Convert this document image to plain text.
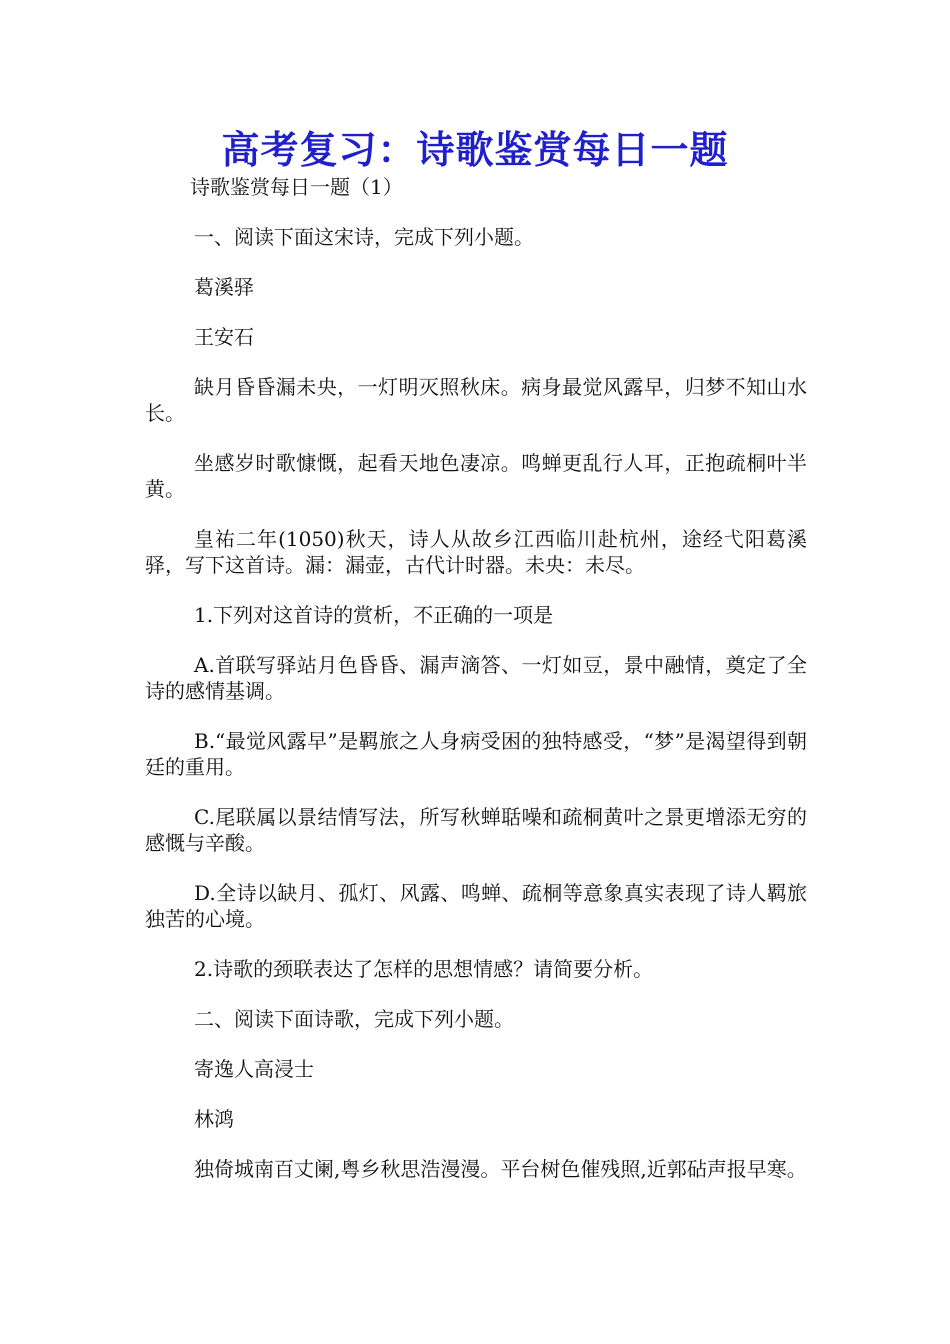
高考复习：诗歌鉴赏每日一题
诗歌鉴赏每日一题（1）

一、阅读下面这宋诗，完成下列小题。

葛溪驿

王安石

缺月昏昏漏未央，一灯明灭照秋床。病身最觉风露早，归梦不知山水长。

坐感岁时歌慷慨，起看天地色凄凉。鸣蝉更乱行人耳，正抱疏桐叶半黄。

皇祐二年(1050)秋天，诗人从故乡江西临川赴杭州，途经弋阳葛溪驿，写下这首诗。漏：漏壶，古代计时器。未央：未尽。

1.下列对这首诗的赏析，不正确的一项是

A.首联写驿站月色昏昏、漏声滴答、一灯如豆，景中融情，奠定了全诗的感情基调。

B.“最觉风露早”是羁旅之人身病受困的独特感受，“梦”是渴望得到朝廷的重用。

C.尾联属以景结情写法，所写秋蝉聒噪和疏桐黄叶之景更增添无穷的感慨与辛酸。

D.全诗以缺月、孤灯、风露、鸣蝉、疏桐等意象真实表现了诗人羁旅独苦的心境。

2.诗歌的颈联表达了怎样的思想情感？请简要分析。

二、阅读下面诗歌，完成下列小题。

寄逸人高浸士

林鸿

独倚城南百丈阑,粤乡秋思浩漫漫。平台树色催残照,近郭砧声报早寒。
